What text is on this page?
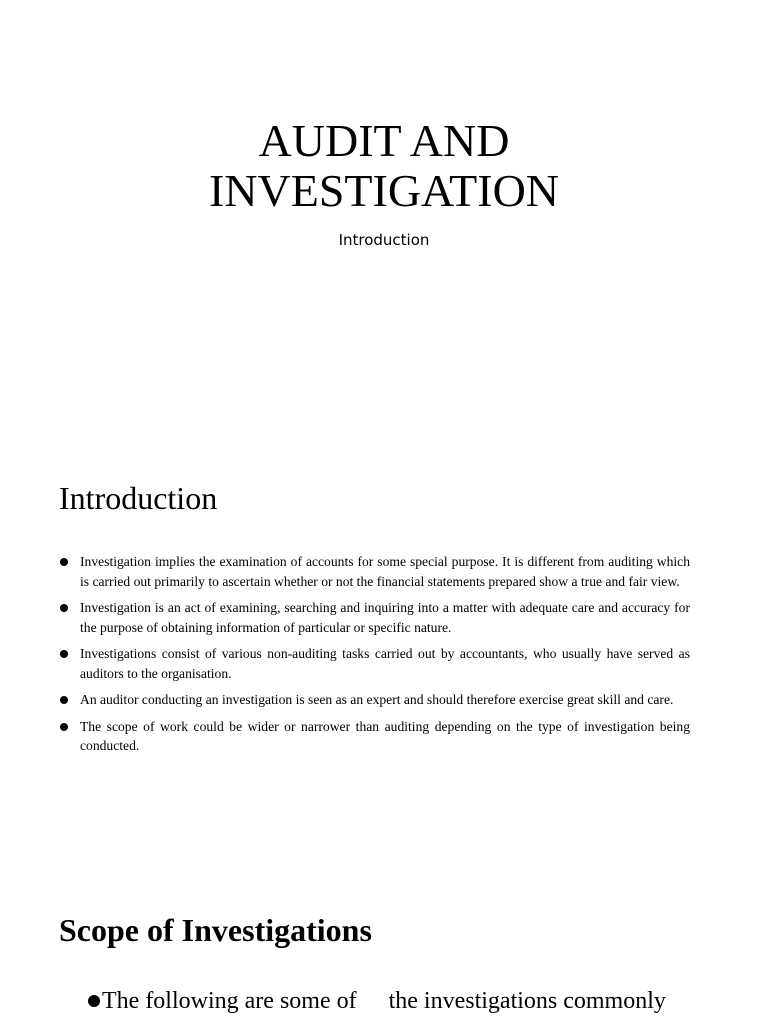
AUDIT AND
INVESTIGATION
Introduction
Introduction
Investigation implies the examination of accounts for some special purpose. It is different from auditing which is carried out primarily to ascertain whether or not the financial statements prepared show a true and fair view.
Investigation is an act of examining, searching and inquiring into a matter with adequate care and accuracy for the purpose of obtaining information of particular or specific nature.
Investigations consist of various non-auditing tasks carried out by accountants, who usually have served as auditors to the organisation.
An auditor conducting an investigation is seen as an expert and should therefore exercise great skill and care.
The scope of work could be wider or narrower than auditing depending on the type of investigation being conducted.
Scope of Investigations
The following are some of the investigations commonly
